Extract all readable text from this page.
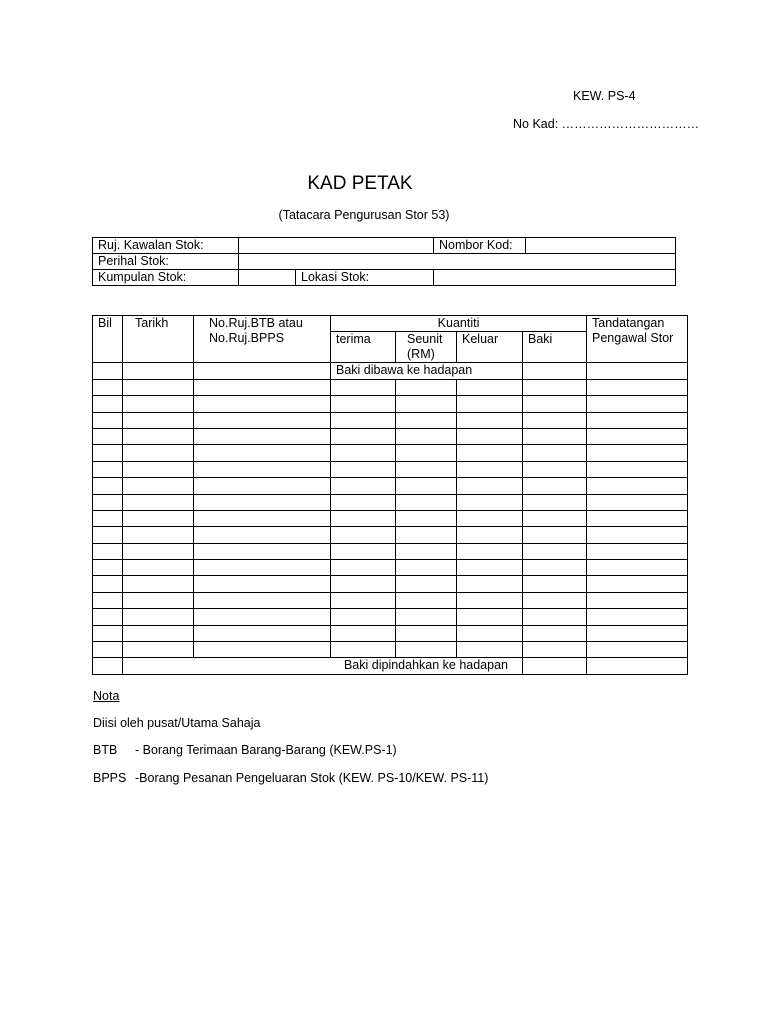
KEW. PS-4
No Kad: ……………………………
KAD PETAK
(Tatacara Pengurusan Stor 53)
Ruj. Kawalan Stok:			Nombor Kod:	
Perihal Stok:				
Kumpulan Stok:		Lokasi Stok:		
Bil	Tarikh	No.Ruj.BTB atau No.Ruj.BPPS	Kuantiti				Tandatangan Pengawal Stor
			terima	Seunit (RM)	Keluar	Baki	
			Baki dibawa ke hadapan				

	Baki dipindahkan ke hadapan						
Nota
Diisi oleh pusat/Utama Sahaja
BTB - Borang Terimaan Barang-Barang (KEW.PS-1)
BPPS -Borang Pesanan Pengeluaran Stok (KEW. PS-10/KEW. PS-11)
